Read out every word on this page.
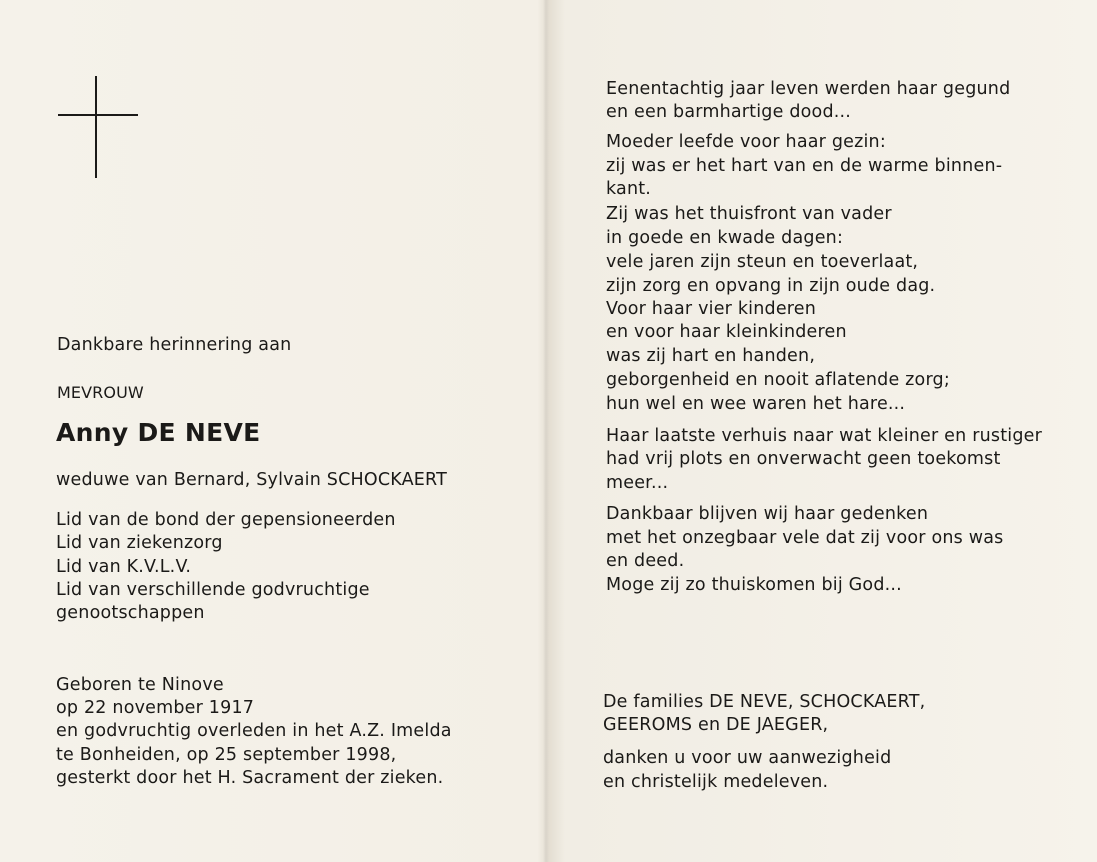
Dankbare herinnering aan
MEVROUW
Anny DE NEVE
weduwe van Bernard, Sylvain SCHOCKAERT
Lid van de bond der gepensioneerden
Lid van ziekenzorg
Lid van K.V.L.V.
Lid van verschillende godvruchtige
genootschappen
Geboren te Ninove
op 22 november 1917
en godvruchtig overleden in het A.Z. Imelda
te Bonheiden, op 25 september 1998,
gesterkt door het H. Sacrament der zieken.
Eenentachtig jaar leven werden haar gegund
en een barmhartige dood...
Moeder leefde voor haar gezin:
zij was er het hart van en de warme binnen-
kant.
Zij was het thuisfront van vader
in goede en kwade dagen:
vele jaren zijn steun en toeverlaat,
zijn zorg en opvang in zijn oude dag.
Voor haar vier kinderen
en voor haar kleinkinderen
was zij hart en handen,
geborgenheid en nooit aflatende zorg;
hun wel en wee waren het hare...
Haar laatste verhuis naar wat kleiner en rustiger
had vrij plots en onverwacht geen toekomst
meer...
Dankbaar blijven wij haar gedenken
met het onzegbaar vele dat zij voor ons was
en deed.
Moge zij zo thuiskomen bij God...
De families DE NEVE, SCHOCKAERT,
GEEROMS en DE JAEGER,
danken u voor uw aanwezigheid
en christelijk medeleven.
